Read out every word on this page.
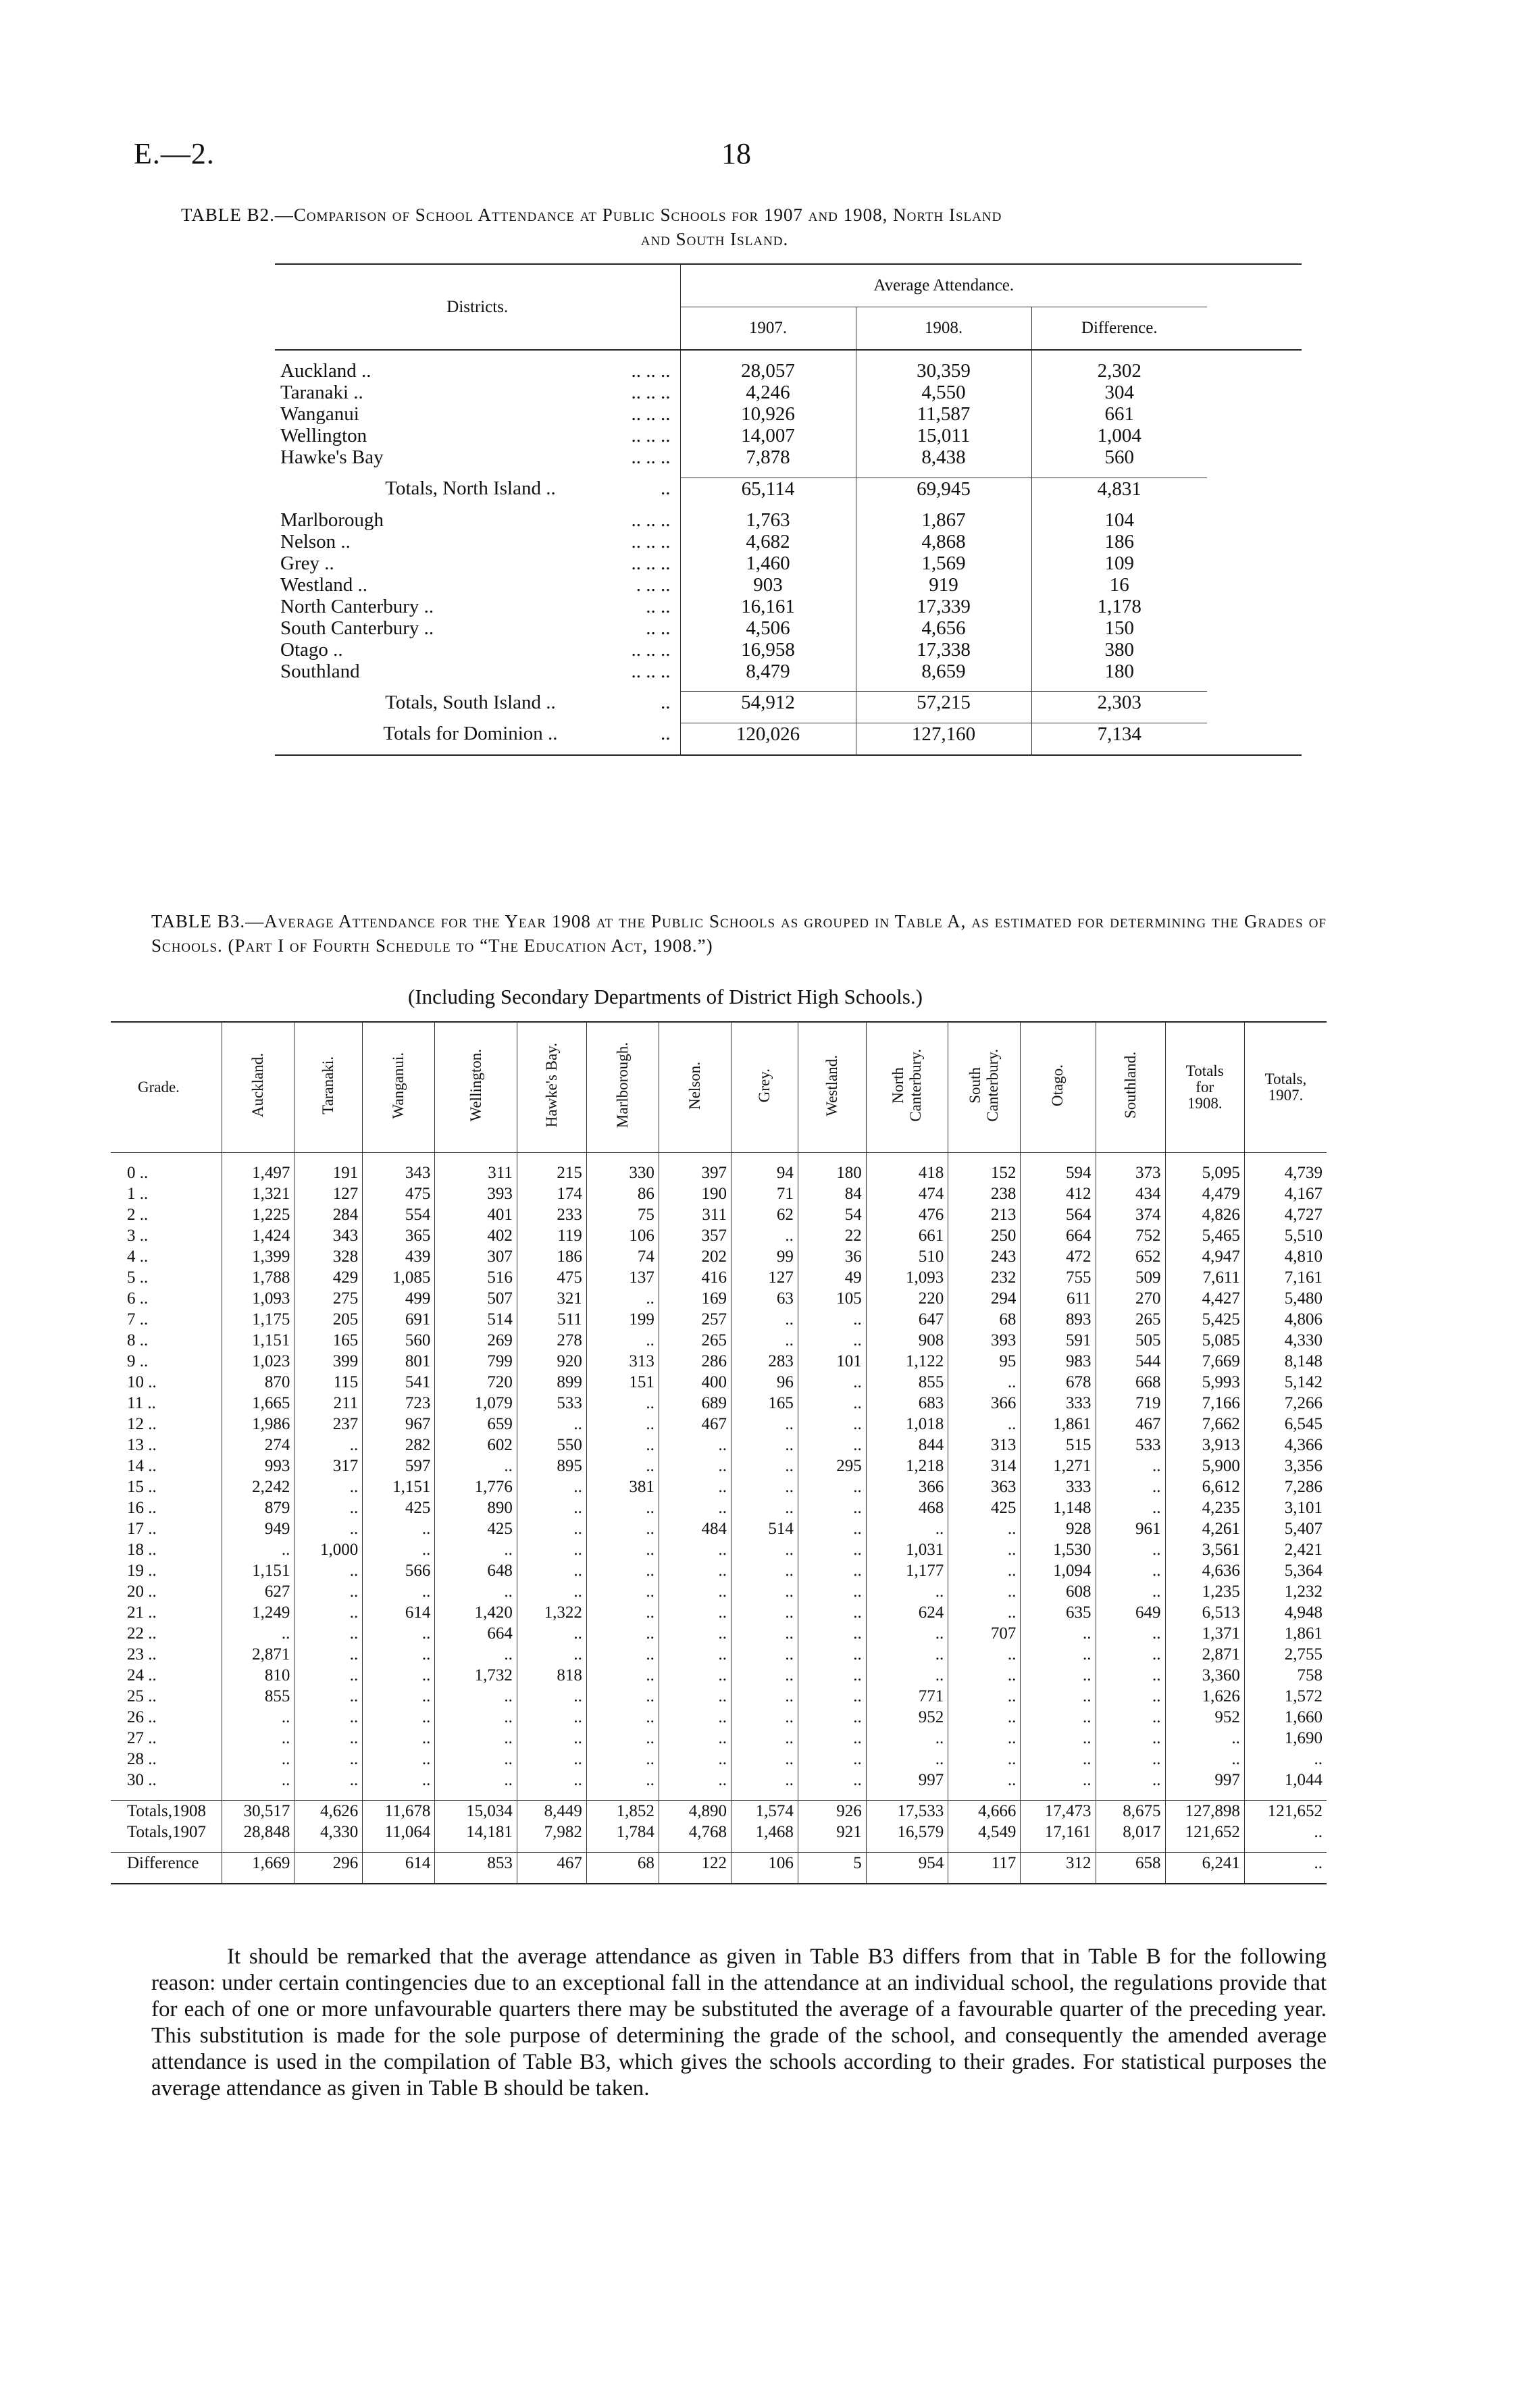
E.—2.	18
TABLE B2.—Comparison of School Attendance at Public Schools for 1907 and 1908, North Island
and South Island.
Districts.	Average Attendance.			
	1907.	1908.	Difference.	

Auckland .. .. .. ..	28,057	30,359	2,302	
Taranaki .. .. .. ..	4,246	4,550	304	
Wanganui .. .. ..	10,926	11,587	661	
Wellington .. .. ..	14,007	15,011	1,004	
Hawke's Bay .. .. ..	7,878	8,438	560	

Totals, North Island .. ..	65,114	69,945	4,831	

Marlborough .. .. ..	1,763	1,867	104	
Nelson .. .. .. ..	4,682	4,868	186	
Grey .. .. .. ..	1,460	1,569	109	
Westland .. . .. ..	903	919	16	
North Canterbury .. .. ..	16,161	17,339	1,178	
South Canterbury .. .. ..	4,506	4,656	150	
Otago .. .. .. ..	16,958	17,338	380	
Southland .. .. ..	8,479	8,659	180	

Totals, South Island .. ..	54,912	57,215	2,303	

Totals for Dominion .. ..	120,026	127,160	7,134	

TABLE B3.—Average Attendance for the Year 1908 at the Public Schools as grouped in Table A, as estimated for determining the Grades of Schools. (Part I of Fourth Schedule to “The Education Act, 1908.”)
(Including Secondary Departments of District High Schools.)
Grade.	Auckland.	Taranaki.	Wanganui.	Wellington.	Hawke's Bay.	Marlborough.	Nelson.	Grey.	Westland.	North
Canterbury.	South
Canterbury.	Otago.	Southland.	Totals
for
1908.	Totals,
1907.

0 ..	1,497	191	343	311	215	330	397	94	180	418	152	594	373	5,095	4,739
1 ..	1,321	127	475	393	174	86	190	71	84	474	238	412	434	4,479	4,167
2 ..	1,225	284	554	401	233	75	311	62	54	476	213	564	374	4,826	4,727
3 ..	1,424	343	365	402	119	106	357	..	22	661	250	664	752	5,465	5,510
4 ..	1,399	328	439	307	186	74	202	99	36	510	243	472	652	4,947	4,810
5 ..	1,788	429	1,085	516	475	137	416	127	49	1,093	232	755	509	7,611	7,161
6 ..	1,093	275	499	507	321	..	169	63	105	220	294	611	270	4,427	5,480
7 ..	1,175	205	691	514	511	199	257	..	..	647	68	893	265	5,425	4,806
8 ..	1,151	165	560	269	278	..	265	..	..	908	393	591	505	5,085	4,330
9 ..	1,023	399	801	799	920	313	286	283	101	1,122	95	983	544	7,669	8,148
10 ..	870	115	541	720	899	151	400	96	..	855	..	678	668	5,993	5,142
11 ..	1,665	211	723	1,079	533	..	689	165	..	683	366	333	719	7,166	7,266
12 ..	1,986	237	967	659	..	..	467	..	..	1,018	..	1,861	467	7,662	6,545
13 ..	274	..	282	602	550	..	..	..	..	844	313	515	533	3,913	4,366
14 ..	993	317	597	..	895	..	..	..	295	1,218	314	1,271	..	5,900	3,356
15 ..	2,242	..	1,151	1,776	..	381	..	..	..	366	363	333	..	6,612	7,286
16 ..	879	..	425	890	..	..	..	..	..	468	425	1,148	..	4,235	3,101
17 ..	949	..	..	425	..	..	484	514	..	..	..	928	961	4,261	5,407
18 ..	..	1,000	..	..	..	..	..	..	..	1,031	..	1,530	..	3,561	2,421
19 ..	1,151	..	566	648	..	..	..	..	..	1,177	..	1,094	..	4,636	5,364
20 ..	627	..	..	..	..	..	..	..	..	..	..	608	..	1,235	1,232
21 ..	1,249	..	614	1,420	1,322	..	..	..	..	624	..	635	649	6,513	4,948
22 ..	..	..	..	664	..	..	..	..	..	..	707	..	..	1,371	1,861
23 ..	2,871	..	..	..	..	..	..	..	..	..	..	..	..	2,871	2,755
24 ..	810	..	..	1,732	818	..	..	..	..	..	..	..	..	3,360	758
25 ..	855	..	..	..	..	..	..	..	..	771	..	..	..	1,626	1,572
26 ..	..	..	..	..	..	..	..	..	..	952	..	..	..	952	1,660
27 ..	..	..	..	..	..	..	..	..	..	..	..	..	..	..	1,690
28 ..	..	..	..	..	..	..	..	..	..	..	..	..	..	..	..
30 ..	..	..	..	..	..	..	..	..	..	997	..	..	..	997	1,044

Totals,1908	30,517	4,626	11,678	15,034	8,449	1,852	4,890	1,574	926	17,533	4,666	17,473	8,675	127,898	121,652
Totals,1907	28,848	4,330	11,064	14,181	7,982	1,784	4,768	1,468	921	16,579	4,549	17,161	8,017	121,652	..

Difference	1,669	296	614	853	467	68	122	106	5	954	117	312	658	6,241	..

It should be remarked that the average attendance as given in Table B3 differs from that in Table B for the following reason: under certain contingencies due to an exceptional fall in the attendance at an individual school, the regulations provide that for each of one or more unfavourable quarters there may be substituted the average of a favourable quarter of the preceding year. This substitution is made for the sole purpose of determining the grade of the school, and consequently the amended average attendance is used in the compilation of Table B3, which gives the schools according to their grades. For statistical purposes the average attendance as given in Table B should be taken.
